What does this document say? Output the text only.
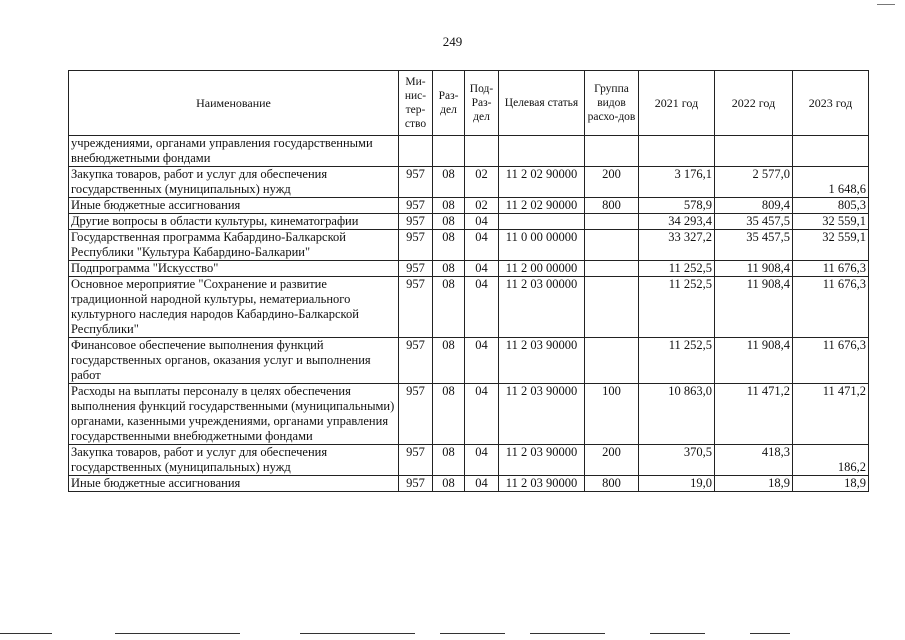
249
Наименование	Ми-нис-тер-ство	Раз-дел	Под-Раз-дел	Целевая статья	Группа видов расхо-дов	2021 год	2022 год	2023 год
учреждениями, органами управления государственными внебюджетными фондами								
Закупка товаров, работ и услуг для обеспечения государственных (муниципальных) нужд	957	08	02	11 2 02 90000	200	3 176,1	2 577,0	1 648,6
Иные бюджетные ассигнования	957	08	02	11 2 02 90000	800	578,9	809,4	805,3
Другие вопросы в области культуры, кинематографии	957	08	04			34 293,4	35 457,5	32 559,1
Государственная программа Кабардино-Балкарской Республики "Культура Кабардино-Балкарии"	957	08	04	11 0 00 00000		33 327,2	35 457,5	32 559,1
Подпрограмма "Искусство"	957	08	04	11 2 00 00000		11 252,5	11 908,4	11 676,3
Основное мероприятие "Сохранение и развитие традиционной народной культуры, нематериального культурного наследия народов Кабардино-Балкарской Республики"	957	08	04	11 2 03 00000		11 252,5	11 908,4	11 676,3
Финансовое обеспечение выполнения функций государственных органов, оказания услуг и выполнения работ	957	08	04	11 2 03 90000		11 252,5	11 908,4	11 676,3
Расходы на выплаты персоналу в целях обеспечения выполнения функций государственными (муниципальными) органами, казенными учреждениями, органами управления государственными внебюджетными фондами	957	08	04	11 2 03 90000	100	10 863,0	11 471,2	11 471,2
Закупка товаров, работ и услуг для обеспечения государственных (муниципальных) нужд	957	08	04	11 2 03 90000	200	370,5	418,3	186,2
Иные бюджетные ассигнования	957	08	04	11 2 03 90000	800	19,0	18,9	18,9
